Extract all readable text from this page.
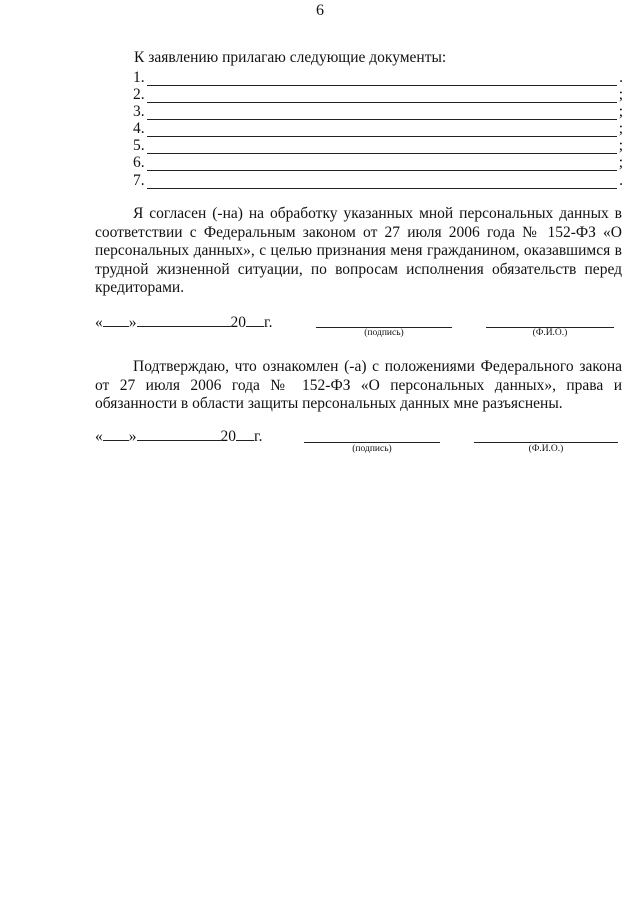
6
К заявлению прилагаю следующие документы:
1.	.
2.	;
3.	;
4.	;
5.	;
6.	;
7.	.

Я согласен (-на) на обработку указанных мной персональных данных в соответствии с Федеральным законом от 27 июля 2006 года № 152-ФЗ «О персональных данных», с целью признания меня гражданином, оказавшимся в трудной жизненной ситуации, по вопросам исполнения обязательств перед кредиторами.

« »	20 г.
(подпись)	(Ф.И.О.)

Подтверждаю, что ознакомлен (-а) с положениями Федерального закона от 27 июля 2006 года № 152-ФЗ «О персональных данных», права и обязанности в области защиты персональных данных мне разъяснены.

« »	20 г.
(подпись)	(Ф.И.О.)
